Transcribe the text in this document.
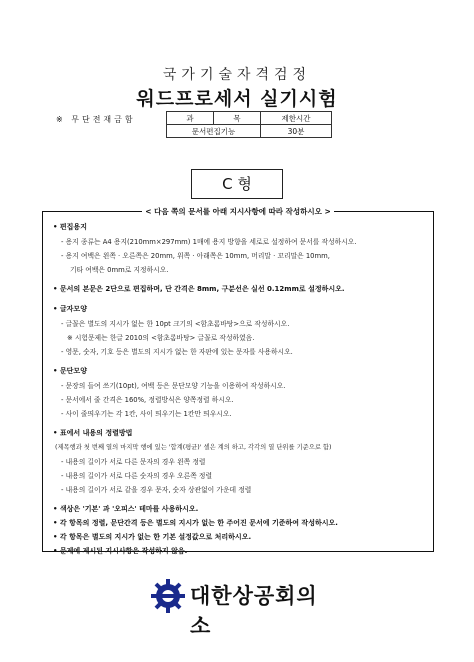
국가기술자격검정
워드프로세서 실기시험
※ 무단전재금함	과	목	제한시간
문서편집기능		30분
C 형
< 다음 쪽의 문서를 아래 지시사항에 따라 작성하시오 >
• 편집용지
- 용지 종류는 A4 용지(210mm×297mm) 1매에 용지 방향을 세로로 설정하여 문서를 작성하시오.
- 용지 여백은 왼쪽 · 오른쪽은 20mm, 위쪽 · 아래쪽은 10mm, 머리말 · 꼬리말은 10mm,
기타 여백은 0mm로 지정하시오.
• 문서의 본문은 2단으로 편집하며, 단 간격은 8mm, 구분선은 실선 0.12mm로 설정하시오.
• 글자모양
- 글꼴은 별도의 지시가 없는 한 10pt 크기의 <함초롬바탕>으로 작성하시오.
※ 시험문제는 한글 2010의 <함초롬바탕> 글꼴로 작성하였음.
- 영문, 숫자, 기호 등은 별도의 지시가 없는 한 자판에 있는 문자를 사용하시오.
• 문단모양
- 문장의 들여 쓰기(10pt), 여백 등은 문단모양 기능을 이용하여 작성하시오.
- 문서에서 줄 간격은 160%, 정렬방식은 양쪽정렬 하시오.
- 사이 줄띄우기는 각 1칸, 사이 띄우기는 1칸만 띄우시오.
• 표에서 내용의 정렬방법
(제목행과 첫 번째 열의 마지막 행에 있는 '합계(평균)' 셀은 계의 하고, 각각의 열 단위를 기준으로 함)
- 내용의 길이가 서로 다른 문자의 경우 왼쪽 정렬
- 내용의 길이가 서로 다른 숫자의 경우 오른쪽 정렬
- 내용의 길이가 서로 같을 경우 문자, 숫자 상관없이 가운데 정렬
• 색상은 '기본' 과 '오피스' 테마를 사용하시오.
• 각 항목의 정렬, 문단간격 등은 별도의 지시가 없는 한 주어진 문서에 기준하여 작성하시오.
• 각 항목은 별도의 지시가 없는 한 기본 설정값으로 처리하시오.
• 문제에 제시된 지시사항은 작성하지 않음.
대한상공회의소
